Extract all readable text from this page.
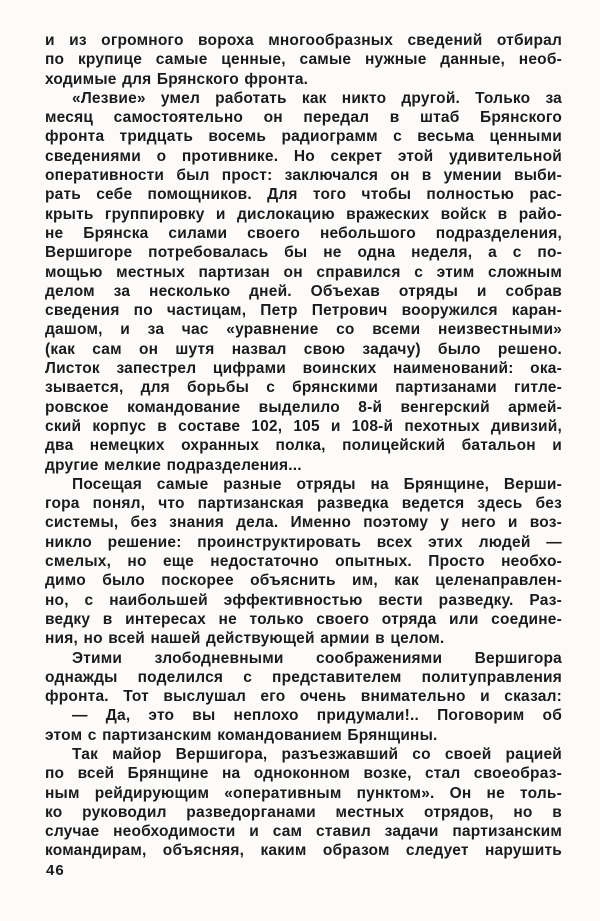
и из огромного вороха многообразных сведений отбирал
по крупице самые ценные, самые нужные данные, необ-
ходимые для Брянского фронта.
«Лезвие» умел работать как никто другой. Только за
месяц самостоятельно он передал в штаб Брянского
фронта тридцать восемь радиограмм с весьма ценными
сведениями о противнике. Но секрет этой удивительной
оперативности был прост: заключался он в умении выби-
рать себе помощников. Для того чтобы полностью рас-
крыть группировку и дислокацию вражеских войск в райо-
не Брянска силами своего небольшого подразделения,
Вершигоре потребовалась бы не одна неделя, а с по-
мощью местных партизан он справился с этим сложным
делом за несколько дней. Объехав отряды и собрав
сведения по частицам, Петр Петрович вооружился каран-
дашом, и за час «уравнение со всеми неизвестными»
(как сам он шутя назвал свою задачу) было решено.
Листок запестрел цифрами воинских наименований: ока-
зывается, для борьбы с брянскими партизанами гитле-
ровское командование выделило 8-й венгерский армей-
ский корпус в составе 102, 105 и 108-й пехотных дивизий,
два немецких охранных полка, полицейский батальон и
другие мелкие подразделения...
Посещая самые разные отряды на Брянщине, Верши-
гора понял, что партизанская разведка ведется здесь без
системы, без знания дела. Именно поэтому у него и воз-
никло решение: проинструктировать всех этих людей —
смелых, но еще недостаточно опытных. Просто необхо-
димо было поскорее объяснить им, как целенаправлен-
но, с наибольшей эффективностью вести разведку. Раз-
ведку в интересах не только своего отряда или соедине-
ния, но всей нашей действующей армии в целом.
Этими злободневными соображениями Вершигора
однажды поделился с представителем политуправления
фронта. Тот выслушал его очень внимательно и сказал:
— Да, это вы неплохо придумали!.. Поговорим об
этом с партизанским командованием Брянщины.
Так майор Вершигора, разъезжавший со своей рацией
по всей Брянщине на одноконном возке, стал своеобраз-
ным рейдирующим «оперативным пунктом». Он не толь-
ко руководил разведорганами местных отрядов, но в
случае необходимости и сам ставил задачи партизанским
командирам, объясняя, каким образом следует нарушить
46
